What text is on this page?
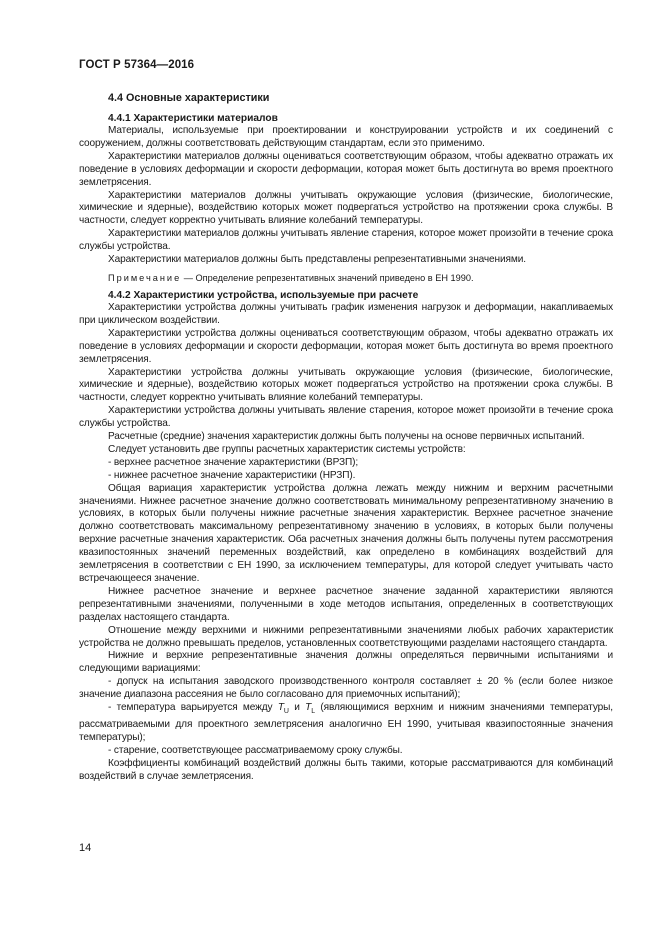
ГОСТ Р 57364—2016

4.4 Основные характеристики

4.4.1 Характеристики материалов

Материалы, используемые при проектировании и конструировании устройств и их соединений с сооружением, должны соответствовать действующим стандартам, если это применимо.

Характеристики материалов должны оцениваться соответствующим образом, чтобы адекватно отражать их поведение в условиях деформации и скорости деформации, которая может быть достигнута во время проектного землетрясения.

Характеристики материалов должны учитывать окружающие условия (физические, биологические, химические и ядерные), воздействию которых может подвергаться устройство на протяжении срока службы. В частности, следует корректно учитывать влияние колебаний температуры.

Характеристики материалов должны учитывать явление старения, которое может произойти в течение срока службы устройства.

Характеристики материалов должны быть представлены репрезентативными значениями.

Примечание — Определение репрезентативных значений приведено в ЕН 1990.

4.4.2 Характеристики устройства, используемые при расчете

Характеристики устройства должны учитывать график изменения нагрузок и деформации, накапливаемых при циклическом воздействии.

Характеристики устройства должны оцениваться соответствующим образом, чтобы адекватно отражать их поведение в условиях деформации и скорости деформации, которая может быть достигнута во время проектного землетрясения.

Характеристики устройства должны учитывать окружающие условия (физические, биологические, химические и ядерные), воздействию которых может подвергаться устройство на протяжении срока службы. В частности, следует корректно учитывать влияние колебаний температуры.

Характеристики устройства должны учитывать явление старения, которое может произойти в течение срока службы устройства.

Расчетные (средние) значения характеристик должны быть получены на основе первичных испытаний.

Следует установить две группы расчетных характеристик системы устройств:

- верхнее расчетное значение характеристики (ВРЗП);

- нижнее расчетное значение характеристики (НРЗП).

Общая вариация характеристик устройства должна лежать между нижним и верхним расчетными значениями. Нижнее расчетное значение должно соответствовать минимальному репрезентативному значению в условиях, в которых были получены нижние расчетные значения характеристик. Верхнее расчетное значение должно соответствовать максимальному репрезентативному значению в условиях, в которых были получены верхние расчетные значения характеристик. Оба расчетных значения должны быть получены путем рассмотрения квазипостоянных значений переменных воздействий, как определено в комбинациях воздействий для землетрясения в соответствии с ЕН 1990, за исключением температуры, для которой следует учитывать часто встречающееся значение.

Нижнее расчетное значение и верхнее расчетное значение заданной характеристики являются репрезентативными значениями, полученными в ходе методов испытания, определенных в соответствующих разделах настоящего стандарта.

Отношение между верхними и нижними репрезентативными значениями любых рабочих характеристик устройства не должно превышать пределов, установленных соответствующими разделами настоящего стандарта.

Нижние и верхние репрезентативные значения должны определяться первичными испытаниями и следующими вариациями:

- допуск на испытания заводского производственного контроля составляет ± 20 % (если более низкое значение диапазона рассеяния не было согласовано для приемочных испытаний);

- температура варьируется между $T_U$ и $T_L$ (являющимися верхним и нижним значениями температуры, рассматриваемыми для проектного землетрясения аналогично ЕН 1990, учитывая квазипостоянные значения температуры);

- старение, соответствующее рассматриваемому сроку службы.

Коэффициенты комбинаций воздействий должны быть такими, которые рассматриваются для комбинаций воздействий в случае землетрясения.

14
